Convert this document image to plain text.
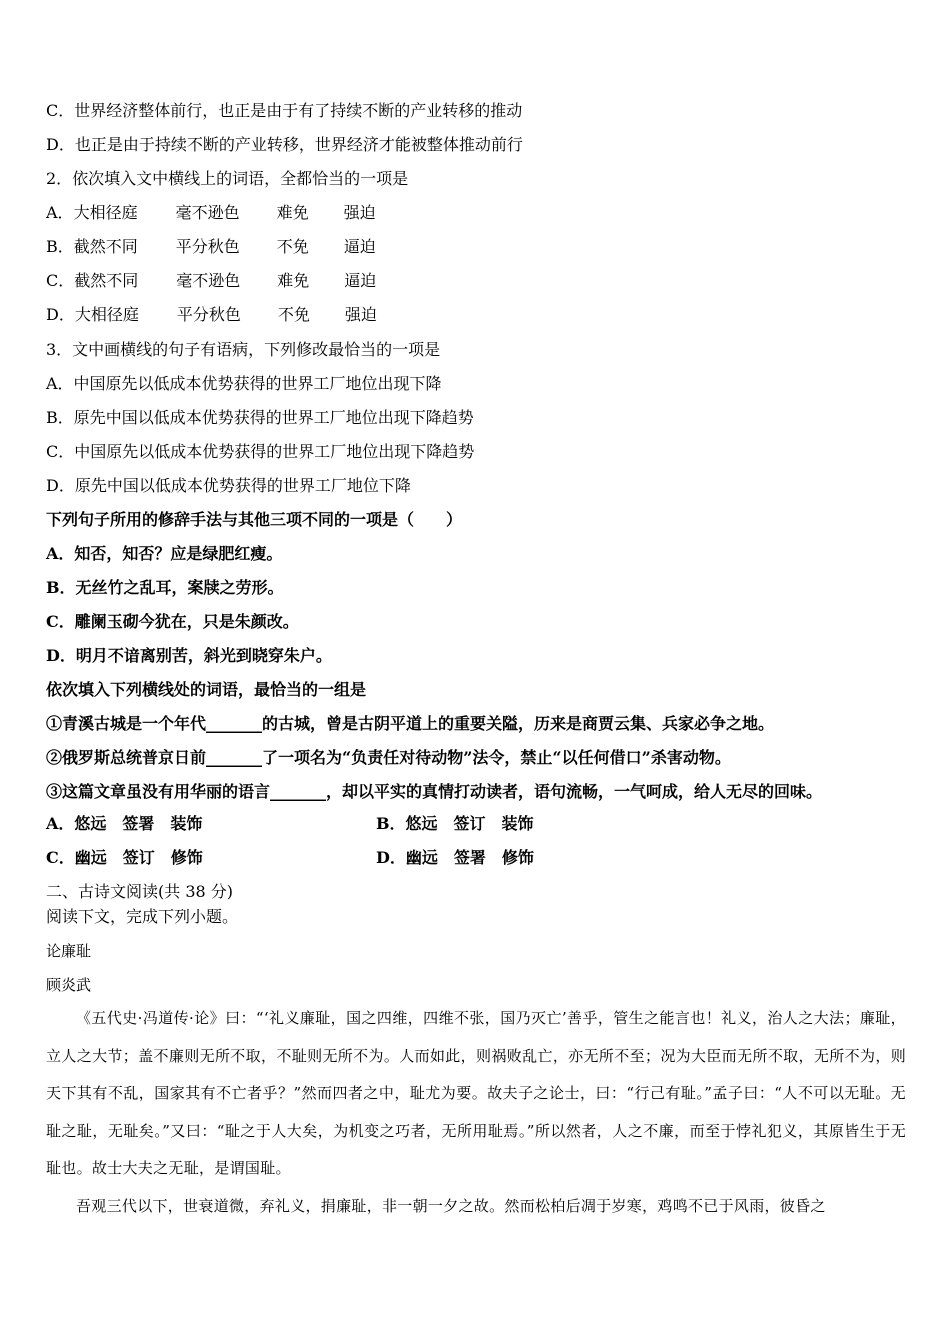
C．世界经济整体前行，也正是由于有了持续不断的产业转移的推动
D．也正是由于持续不断的产业转移，世界经济才能被整体推动前行
2．依次填入文中横线上的词语，全都恰当的一项是
A．大相径庭 毫不逊色 难免 强迫
B．截然不同 平分秋色 不免 逼迫
C．截然不同 毫不逊色 难免 逼迫
D．大相径庭 平分秋色 不免 强迫
3．文中画横线的句子有语病，下列修改最恰当的一项是
A．中国原先以低成本优势获得的世界工厂地位出现下降
B．原先中国以低成本优势获得的世界工厂地位出现下降趋势
C．中国原先以低成本优势获得的世界工厂地位出现下降趋势
D．原先中国以低成本优势获得的世界工厂地位下降
下列句子所用的修辞手法与其他三项不同的一项是（　　）
A．知否，知否？应是绿肥红瘦。
B．无丝竹之乱耳，案牍之劳形。
C．雕阑玉砌今犹在，只是朱颜改。
D．明月不谙离别苦，斜光到晓穿朱户。
依次填入下列横线处的词语，最恰当的一组是
①青溪古城是一个年代_______的古城，曾是古阴平道上的重要关隘，历来是商贾云集、兵家必争之地。
②俄罗斯总统普京日前_______了一项名为“负责任对待动物”法令，禁止“以任何借口”杀害动物。
③这篇文章虽没有用华丽的语言_______，却以平实的真情打动读者，语句流畅，一气呵成，给人无尽的回味。
A．悠远　签署　装饰	B．悠远　签订　装饰
C．幽远　签订　修饰	D．幽远　签署　修饰
二、古诗文阅读(共 38 分)
阅读下文，完成下列小题。
论廉耻
顾炎武

《五代史·冯道传·论》曰：“‘礼义廉耻，国之四维，四维不张，国乃灭亡’善乎，管生之能言也！礼义，治人之大法；廉耻，立人之大节；盖不廉则无所不取，不耻则无所不为。人而如此，则祸败乱亡，亦无所不至；况为大臣而无所不取，无所不为，则天下其有不乱，国家其有不亡者乎？”然而四者之中，耻尤为要。故夫子之论士，曰：“行己有耻。”孟子曰：“人不可以无耻。无耻之耻，无耻矣。”又曰：“耻之于人大矣，为机变之巧者，无所用耻焉。”所以然者，人之不廉，而至于悖礼犯义，其原皆生于无耻也。故士大夫之无耻，是谓国耻。

吾观三代以下，世衰道微，弃礼义，捐廉耻，非一朝一夕之故。然而松柏后凋于岁寒，鸡鸣不已于风雨，彼昏之
